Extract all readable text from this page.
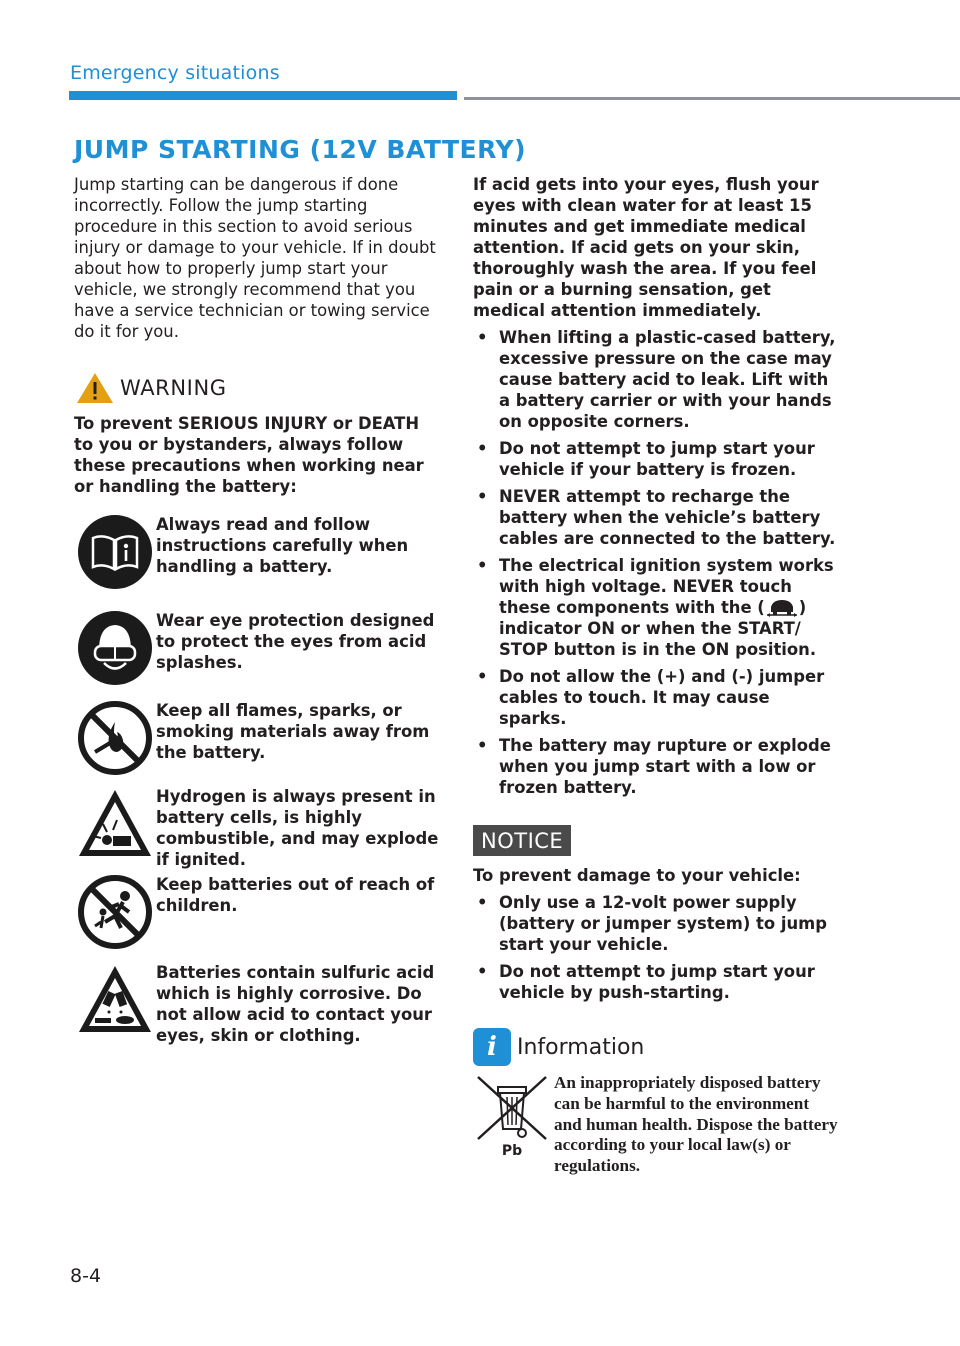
Emergency situations
JUMP STARTING (12V BATTERY)

Jump starting can be dangerous if done incorrectly. Follow the jump starting procedure in this section to avoid serious injury or damage to your vehicle. If in doubt about how to properly jump start your vehicle, we strongly recommend that you have a service technician or towing service do it for you.

WARNING

To prevent SERIOUS INJURY or DEATH to you or bystanders, always follow these precautions when working near or handling the battery:

Always read and follow instructions carefully when handling a battery.

Wear eye protection designed to protect the eyes from acid splashes.

Keep all flames, sparks, or smoking materials away from the battery.

Hydrogen is always present in battery cells, is highly combustible, and may explode if ignited.

Keep batteries out of reach of children.

Batteries contain sulfuric acid which is highly corrosive. Do not allow acid to contact your eyes, skin or clothing.

If acid gets into your eyes, flush your eyes with clean water for at least 15 minutes and get immediate medical attention. If acid gets on your skin, thoroughly wash the area. If you feel pain or a burning sensation, get medical attention immediately.

• When lifting a plastic-cased battery, excessive pressure on the case may cause battery acid to leak. Lift with a battery carrier or with your hands on opposite corners.
• Do not attempt to jump start your vehicle if your battery is frozen.
• NEVER attempt to recharge the battery when the vehicle’s battery cables are connected to the battery.
• The electrical ignition system works with high voltage. NEVER touch these components with the ( ) indicator ON or when the START/ STOP button is in the ON position.
• Do not allow the (+) and (-) jumper cables to touch. It may cause sparks.
• The battery may rupture or explode when you jump start with a low or frozen battery.
NOTICE

To prevent damage to your vehicle:

• Only use a 12-volt power supply (battery or jumper system) to jump start your vehicle.
• Do not attempt to jump start your vehicle by push-starting.
i Information
Pb

An inappropriately disposed battery can be harmful to the environment and human health. Dispose the battery according to your local law(s) or regulations.

8-4
